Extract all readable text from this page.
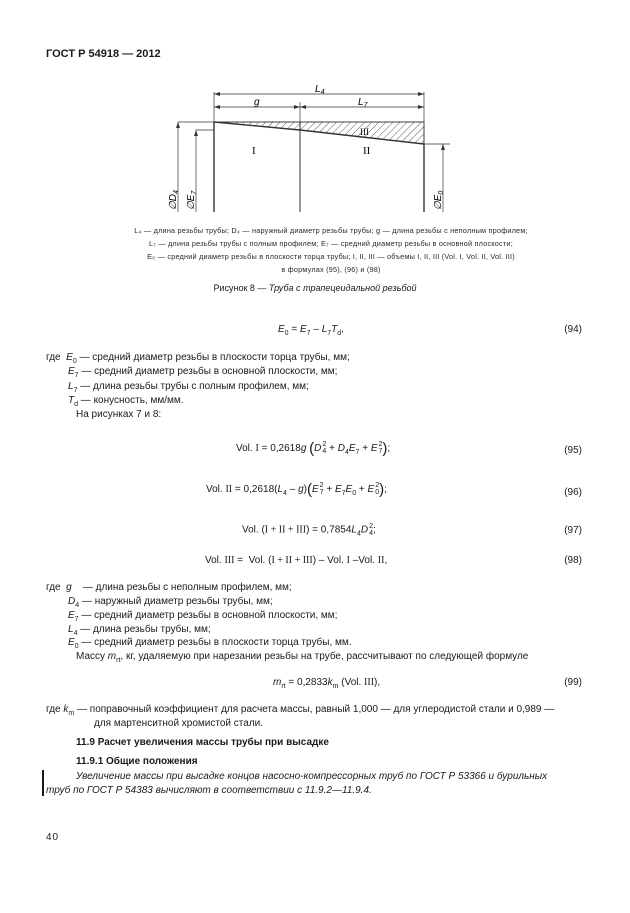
ГОСТ Р 54918 — 2012
$L_4$
g	$L_7$
I	II
III
$\emptyset D_4$
$\emptyset E_7$
$\emptyset E_0$
L₄ — длина резьбы трубы; D₄ — наружный диаметр резьбы трубы; g — длина резьбы с неполным профилем;
L₇ — длина резьбы трубы с полным профилем; E₇ — средний диаметр резьбы в основной плоскости;
E₀ — средний диаметр резьбы в плоскости торца трубы; I, II, III — объемы I, II, III (Vol. I, Vol. II, Vol. III)
в формулах (95), (96) и (98)
Рисунок 8 — Труба с трапецеидальной резьбой
$E_0 = E_7 - L_7T_d$,	(94)
где $E_0$ — средний диаметр резьбы в плоскости торца трубы, мм;
$E_7$ — средний диаметр резьбы в основной плоскости, мм;
$L_7$ — длина резьбы трубы с полным профилем, мм;
$T_d$ — конусность, мм/мм.
На рисунках 7 и 8:
Vol. I = 0,2618g (D 2
$4 + D_4E_7 + E$ 2
7 );	(95)
Vol. II = $0,2618(L_4 - g)(E$ 2
$7 + E_7E_0 + E$ 2
0 );	(96)
Vol. (I + II + $III) = 0,7854L_4D$ 2
4 ;	(97)
Vol. III =  Vol. (I + II + III) – Vol. I –Vol. II,	(98)
где g    — длина резьбы с неполным профилем, мм;
$D_4$ — наружный диаметр резьбы трубы, мм;
$E_7$ — средний диаметр резьбы в основной плоскости, мм;
$L_4$ — длина резьбы трубы, мм;
$E_0$ — средний диаметр резьбы в плоскости торца трубы, мм.
Массу $m_{rt}$, кг, удаляемую при нарезании резьбы на трубе, рассчитывают по следующей формуле
$m_{rt} = 0,2833k_m$ (Vol. III),	(99)
где $k_m$ — поправочный коэффициент для расчета массы, равный 1,000 — для углеродистой стали и 0,989 —
для мартенситной хромистой стали.
11.9 Расчет увеличения массы трубы при высадке
11.9.1 Общие положения
Увеличение массы при высадке концов насосно-компрессорных труб по ГОСТ Р 53366 и бурильных
труб по ГОСТ Р 54383 вычисляют в соответствии с 11.9.2—11.9.4.
40
